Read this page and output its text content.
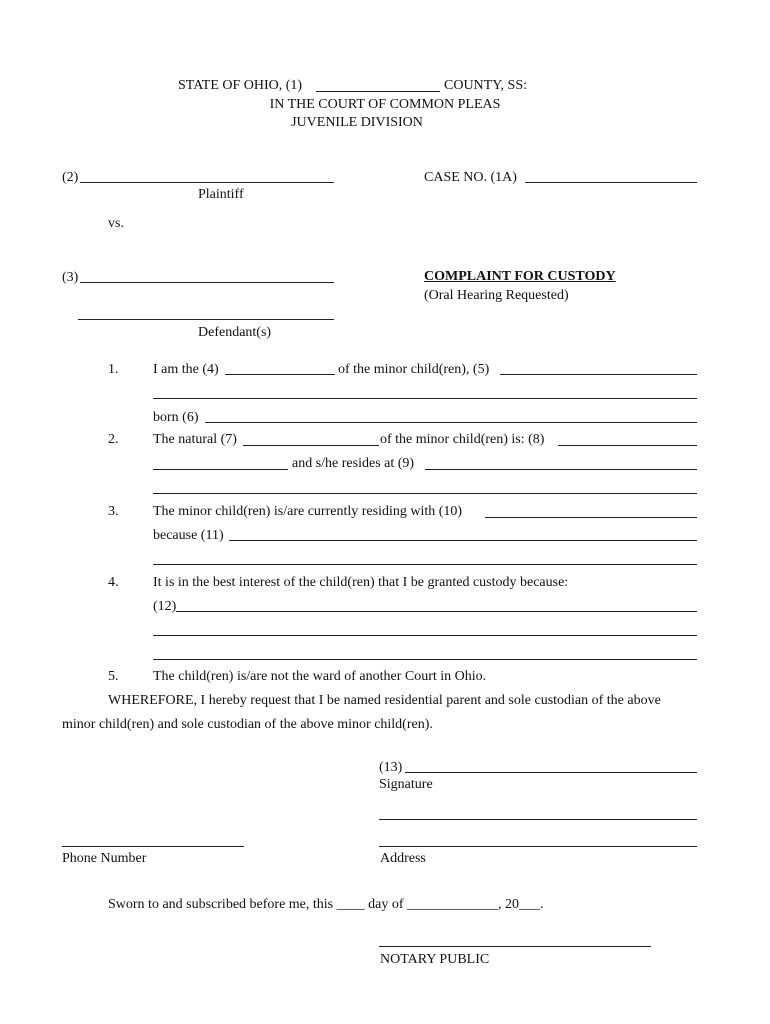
STATE OF OHIO, (1)	COUNTY, SS:
IN THE COURT OF COMMON PLEAS
JUVENILE DIVISION
(2)
Plaintiff
CASE NO. (1A)
vs.
(3)
Defendant(s)
COMPLAINT FOR CUSTODY
(Oral Hearing Requested)
1. I am the (4)	of the minor child(ren), (5)
born (6)
2. The natural (7)	of the minor child(ren) is: (8)
and s/he resides at (9)
3. The minor child(ren) is/are currently residing with (10)
because (11)
4. It is in the best interest of the child(ren) that I be granted custody because:
(12)
5. The child(ren) is/are not the ward of another Court in Ohio.
WHEREFORE, I hereby request that I be named residential parent and sole custodian of the above
minor child(ren) and sole custodian of the above minor child(ren).
(13)
Signature
Phone Number	Address
Sworn to and subscribed before me, this ____ day of _____________, 20___.
NOTARY PUBLIC
